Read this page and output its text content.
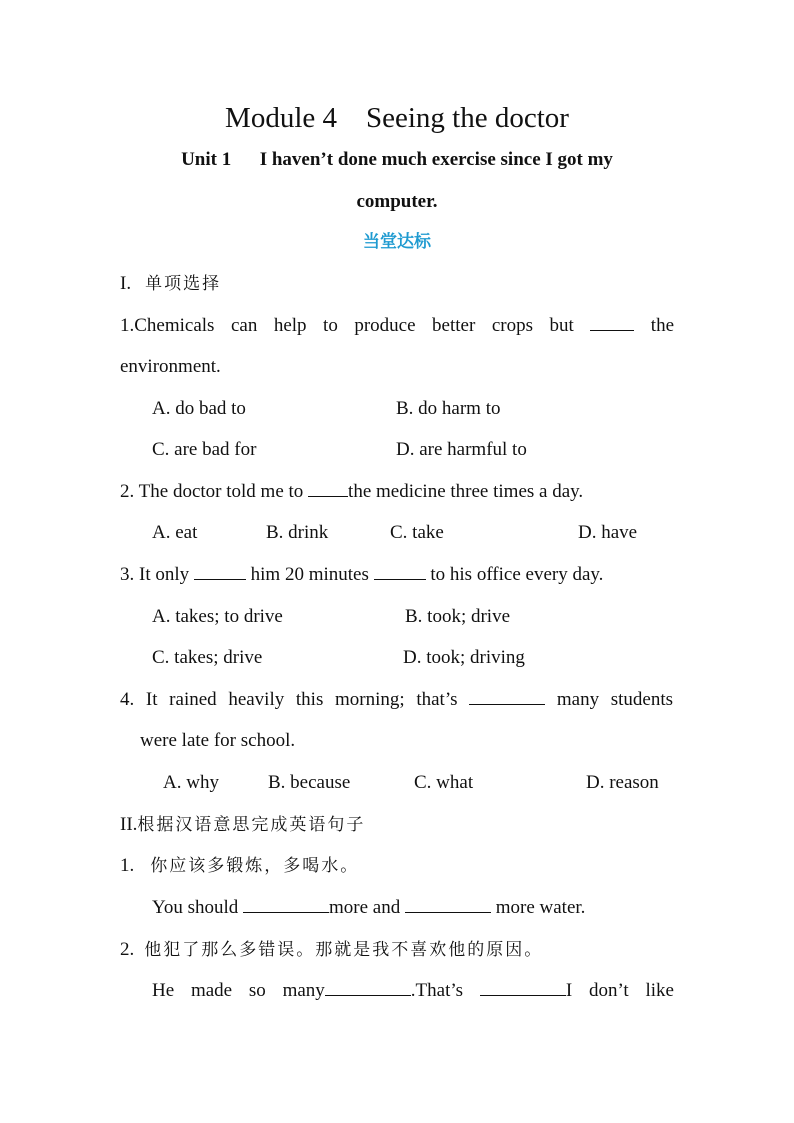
Module 4    Seeing the doctor
Unit 1      I haven’t done much exercise since I got my
computer.
当堂达标
I. 单项选择
1.Chemicals can help to produce better crops but	the
environment.
A. do bad to	B. do harm to
C. are bad for	D. are harmful to
2. The doctor told me to the medicine three times a day.
A. eat	B. drink	C. take	D. have
3. It only	him 20 minutes	to his office every day.
A. takes; to drive	B. took; drive
C. takes; drive	D. took; driving
4. It rained heavily this morning; that’s	many students
were late for school.
A. why	B. because	C. what	D. reason
II.根据汉语意思完成英语句子
1. 你应该多锻炼，多喝水。
You should	more and	more water.
2. 他犯了那么多错误。那就是我不喜欢他的原因。
He made so many	.That’s	I don’t like
